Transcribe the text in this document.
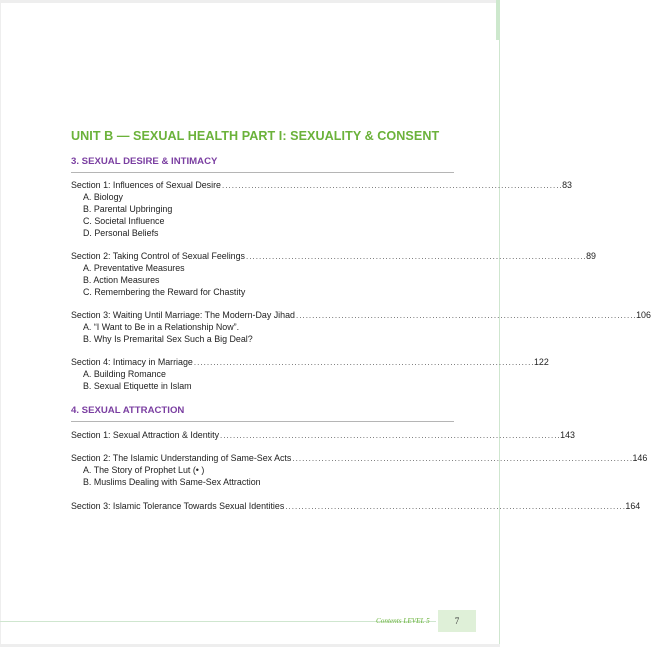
UNIT B — SEXUAL HEALTH PART I: SEXUALITY & CONSENT
3. SEXUAL DESIRE & INTIMACY
Section 1: Influences of Sexual Desire . . . . . . . . . . . . . . . . . . . . . . . . . . . . . . . . . . . . . . . . . . . . . . . . . . . . . . . . . . . . . . . . . . . . . . . . . . . . . . . . . . . . . . . . . . . . . . . . . . . . . . . . . 83
A. Biology
B. Parental Upbringing
C. Societal Influence
D. Personal Beliefs
Section 2: Taking Control of Sexual Feelings . . . . . . . . . . . . . . . . . . . . . . . . . . . . . . . . . . . . . . . . . . . . . . . . . . . . . . . . . . . . . . . . . . . . . . . . . . . . . . . . . . . . . . . . . . . . . . . . . . . . . . . . . 89
A. Preventative Measures
B. Action Measures
C. Remembering the Reward for Chastity
Section 3: Waiting Until Marriage: The Modern-Day Jihad . . . . . . . . . . . . . . . . . . . . . . . . . . . . . . . . . . . . . . . . . . . . . . . . . . . . . . . . . . . . . . . . . . . . . . . . . . . . . . . . . . . . . . . . . . . . . . . . . . . . . . . . . 106
A. “I Want to Be in a Relationship Now”.
B. Why Is Premarital Sex Such a Big Deal?
Section 4: Intimacy in Marriage . . . . . . . . . . . . . . . . . . . . . . . . . . . . . . . . . . . . . . . . . . . . . . . . . . . . . . . . . . . . . . . . . . . . . . . . . . . . . . . . . . . . . . . . . . . . . . . . . . . . . . . . . 122
A. Building Romance
B. Sexual Etiquette in Islam
4. SEXUAL ATTRACTION
Section 1: Sexual Attraction & Identity . . . . . . . . . . . . . . . . . . . . . . . . . . . . . . . . . . . . . . . . . . . . . . . . . . . . . . . . . . . . . . . . . . . . . . . . . . . . . . . . . . . . . . . . . . . . . . . . . . . . . . . . . 143
Section 2: The Islamic Understanding of Same-Sex Acts . . . . . . . . . . . . . . . . . . . . . . . . . . . . . . . . . . . . . . . . . . . . . . . . . . . . . . . . . . . . . . . . . . . . . . . . . . . . . . . . . . . . . . . . . . . . . . . . . . . . . . . . . 146
A. The Story of Prophet Lut (• )
B. Muslims Dealing with Same-Sex Attraction
Section 3: Islamic Tolerance Towards Sexual Identities . . . . . . . . . . . . . . . . . . . . . . . . . . . . . . . . . . . . . . . . . . . . . . . . . . . . . . . . . . . . . . . . . . . . . . . . . . . . . . . . . . . . . . . . . . . . . . . . . . . . . . . . . 164
Contents LEVEL 5	7
